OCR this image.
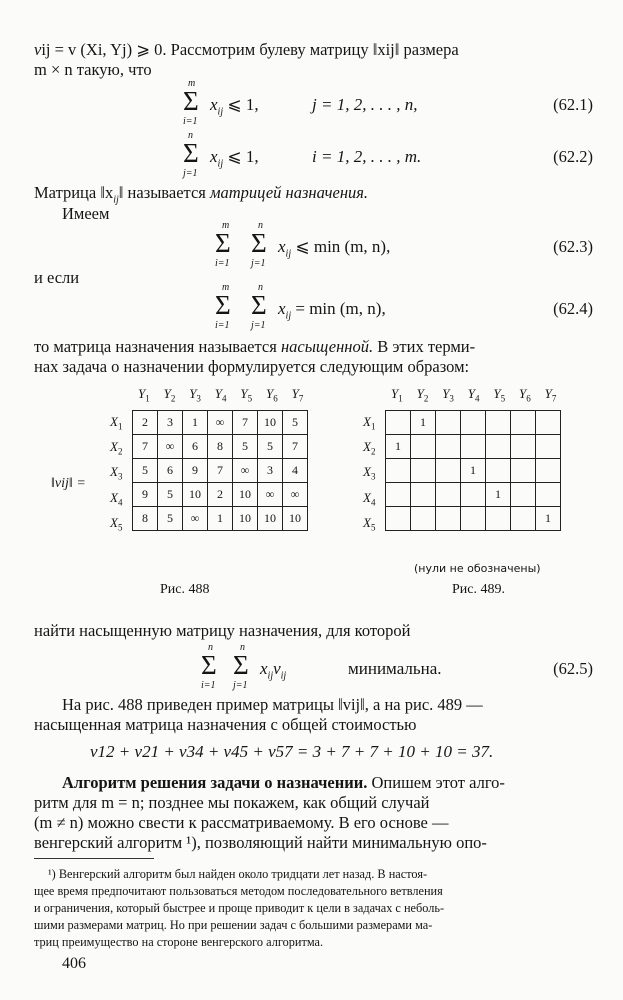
vij = v (Xi, Yj) ⩾ 0. Рассмотрим булеву матрицу ‖xij‖ размера
m × n такую, что
m
Σ
i=1
$x_{ij}$ ⩽ 1,	j = 1, 2, . . . , n,	(62.1)
n
Σ
j=1
$x_{ij}$ ⩽ 1,	i = 1, 2, . . . , m.	(62.2)
Матрица $‖x_{ij}‖$ называется матрицей назначения.
Имеем
m
Σ
i=1
n
Σ
j=1
$x_{ij}$ ⩽ min (m, n),	(62.3)
и если
m
Σ
i=1
n
Σ
j=1
$x_{ij} = \min (m$, n),	(62.4)
то матрица назначения называется насыщенной. В этих терми-
нах задача о назначении формулируется следующим образом:
$Y_1$ $Y_2$ $Y_3$ $Y_4$ $Y_5$ $Y_6$ $Y_7$
‖vij‖ =
2	3	1	∞	7	10	5
7	∞	6	8	5	5	7
5	6	9	7	∞	3	4
9	5	10	2	10	∞	∞
8	5	∞	1	10	10	10
Рис. 488
$X_1$
$X_2$
$X_3$
$X_4$
$X_5$
$Y_1$ $Y_2$ $Y_3$ $Y_4$ $Y_5$ $Y_6$ $Y_7$
	1					
1						
			1			
				1		
						1
(нули не обозначены)
Рис. 489.
$X_1$
$X_2$
$X_3$
$X_4$
$X_5$
найти насыщенную матрицу назначения, для которой
n
Σ
i=1
n
Σ
j=1
$x_{ij}v_{ij}$	минимальна.	(62.5)
На рис. 488 приведен пример матрицы ‖vij‖, а на рис. 489 —
насыщенная матрица назначения с общей стоимостью
v12 + v21 + v34 + v45 + v57 = 3 + 7 + 7 + 10 + 10 = 37.
Алгоритм решения задачи о назначении. Опишем этот алго-
ритм для m = n; позднее мы покажем, как общий случай
(m ≠ n) можно свести к рассматриваемому. В его основе —
венгерский алгоритм ¹), позволяющий найти минимальную опо-
¹) Венгерский алгоритм был найден около тридцати лет назад. В настоя-
щее время предпочитают пользоваться методом последовательного ветвления
и ограничения, который быстрее и проще приводит к цели в задачах с неболь-
шими размерами матриц. Но при решении задач с большими размерами ма-
триц преимущество на стороне венгерского алгоритма.
406
